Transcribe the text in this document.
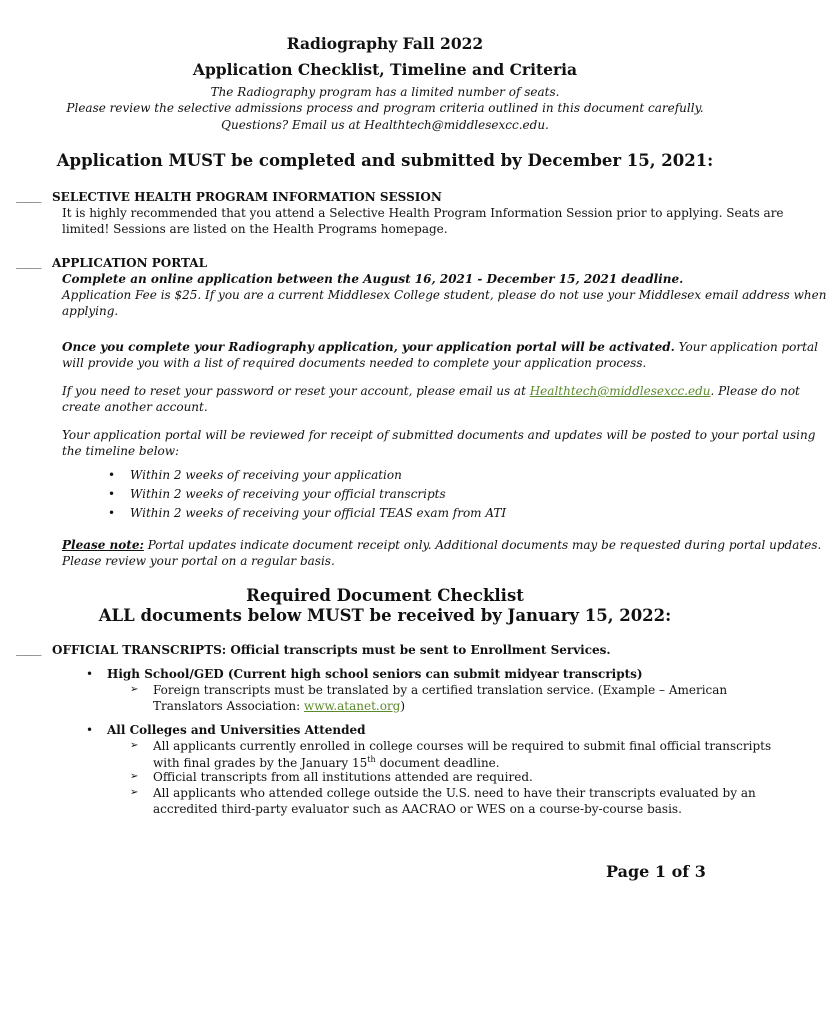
Radiography Fall 2022
Application Checklist, Timeline and Criteria
The Radiography program has a limited number of seats.
Please review the selective admissions process and program criteria outlined in this document carefully.
Questions? Email us at Healthtech@middlesexcc.edu.
Application MUST be completed and submitted by December 15, 2021:
_____ SELECTIVE HEALTH PROGRAM INFORMATION SESSION
It is highly recommended that you attend a Selective Health Program Information Session prior to applying. Seats are
limited! Sessions are listed on the Health Programs homepage.
_____ APPLICATION PORTAL
Complete an online application between the August 16, 2021 - December 15, 2021 deadline.
Application Fee is $25. If you are a current Middlesex College student, please do not use your Middlesex email address when
applying.
Once you complete your Radiography application, your application portal will be activated. Your application portal
will provide you with a list of required documents needed to complete your application process.
If you need to reset your password or reset your account, please email us at Healthtech@middlesexcc.edu. Please do not
create another account.
Your application portal will be reviewed for receipt of submitted documents and updates will be posted to your portal using
the timeline below:
• Within 2 weeks of receiving your application
• Within 2 weeks of receiving your official transcripts
• Within 2 weeks of receiving your official TEAS exam from ATI
Please note: Portal updates indicate document receipt only. Additional documents may be requested during portal updates.
Please review your portal on a regular basis.
Required Document Checklist
ALL documents below MUST be received by January 15, 2022:
_____ OFFICIAL TRANSCRIPTS: Official transcripts must be sent to Enrollment Services.
• High School/GED (Current high school seniors can submit midyear transcripts)
➢ Foreign transcripts must be translated by a certified translation service. (Example – American
Translators Association: www.atanet.org)
• All Colleges and Universities Attended
➢ All applicants currently enrolled in college courses will be required to submit final official transcripts
with final grades by the January 15th document deadline.
➢ Official transcripts from all institutions attended are required.
➢ All applicants who attended college outside the U.S. need to have their transcripts evaluated by an
accredited third-party evaluator such as AACRAO or WES on a course-by-course basis.
Page 1 of 3
